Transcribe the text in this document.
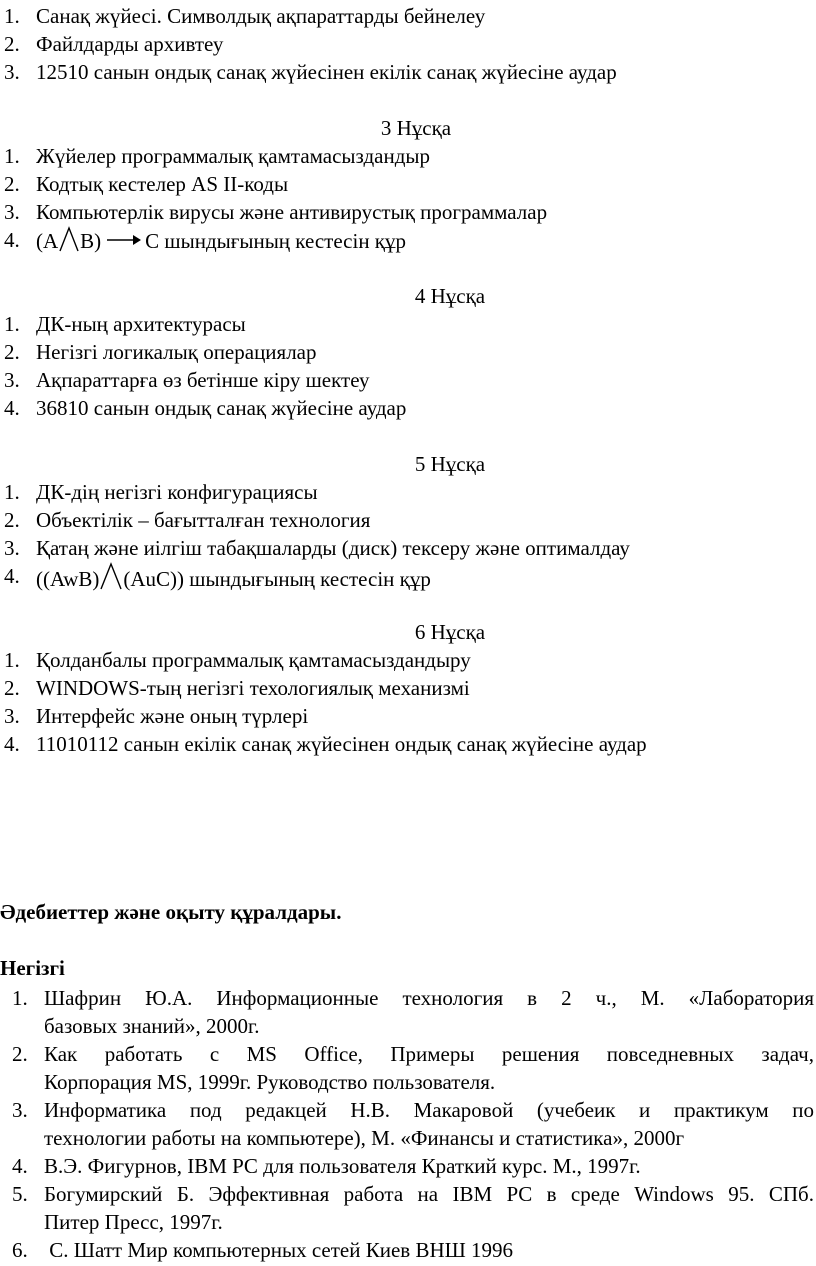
1. Санақ жүйесі. Символдық ақпараттарды бейнелеу
2. Файлдарды архивтеу
3. 12510 санын ондық санақ жүйесінен екілік санақ жүйесіне аудар
3 Нұсқа
1. Жүйелер программалық қамтамасыздандыр
2. Кодтық кестелер AS II-коды
3. Компьютерлік вирусы және антивирустық программалар
4. (A B) C шындығының кестесін құр
4 Нұсқа
1. ДК-ның архитектурасы
2. Негізгі логикалық операциялар
3. Ақпараттарға өз бетінше кіру шектеу
4. 36810 санын ондық санақ жүйесіне аудар
5 Нұсқа
1. ДК-дің негізгі конфигурациясы
2. Объектілік – бағытталған технология
3. Қатаң және иілгіш табақшаларды (диск) тексеру және оптималдау
4. ((AwB) (AuC)) шындығының кестесін құр
6 Нұсқа
1. Қолданбалы программалық қамтамасыздандыру
2. WINDOWS-тың негізгі техологиялық механизмі
3. Интерфейс және оның түрлері
4. 11010112 санын екілік санақ жүйесінен ондық санақ жүйесіне аудар
Әдебиеттер және оқыту құралдары.
Негізгі
1. Шафрин Ю.А. Информационные технология в 2 ч., М. «Лаборатория
базовых знаний», 2000г.
2. Как работать с MS Office, Примеры решения повседневных задач,
Корпорация MS, 1999г. Руководство пользователя.
3. Информатика под редакцей Н.В. Макаровой (учебеик и практикум по
технологии работы на компьютере), М. «Финансы и статистика», 2000г
4. В.Э. Фигурнов, IBM PC для пользователя Краткий курс. М., 1997г.
5. Богумирский Б. Эффективная работа на IBM PC в среде Windows 95. СПб.
Питер Пресс, 1997г.
6. С. Шатт Мир компьютерных сетей Киев ВНШ 1996
